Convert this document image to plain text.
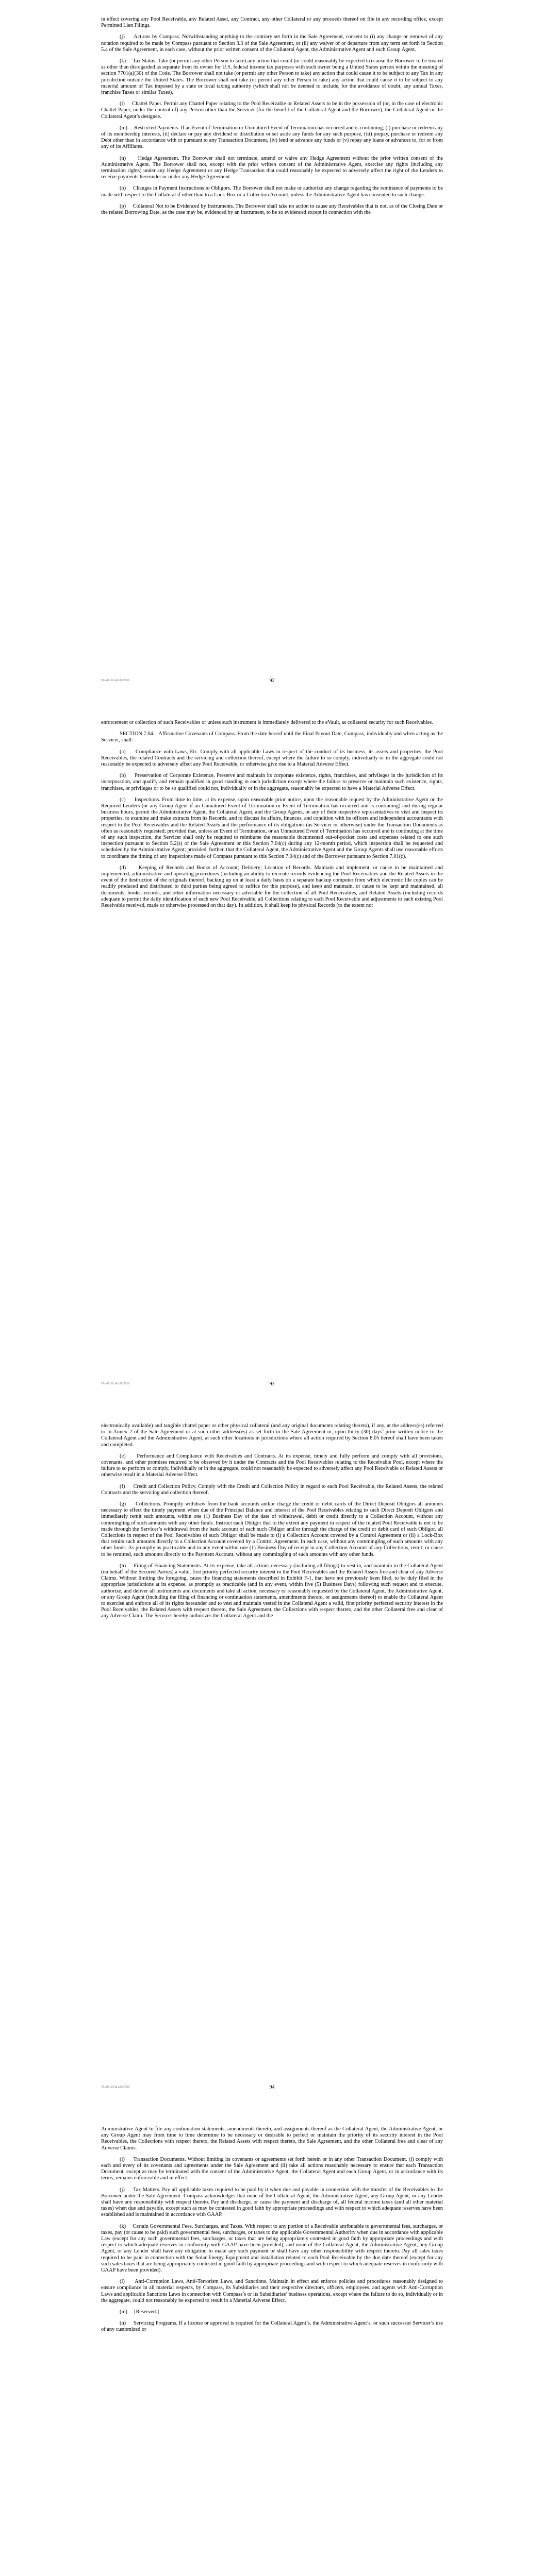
in effect covering any Pool Receivable, any Related Asset, any Contract, any other Collateral or any proceeds thereof on file in any recording office, except Permitted Lien Filings.

(j)     Actions by Compass. Notwithstanding anything to the contrary set forth in the Sale Agreement, consent to (i) any change or removal of any notation required to be made by Compass pursuant to Section 3.3 of the Sale Agreement, or (ii) any waiver of or departure from any term set forth in Section 5.4 of the Sale Agreement, in each case, without the prior written consent of the Collateral Agent, the Administrative Agent and each Group Agent.

(k)     Tax Status. Take (or permit any other Person to take) any action that could (or could reasonably be expected to) cause the Borrower to be treated as other than disregarded as separate from its owner for U.S. federal income tax purposes with such owner being a United States person within the meaning of section 7701(a)(30) of the Code. The Borrower shall not take (or permit any other Person to take) any action that could cause it to be subject to any Tax in any jurisdiction outside the United States. The Borrower shall not take (or permit any other Person to take) any action that could cause it to be subject to any material amount of Tax imposed by a state or local taxing authority (which shall not be deemed to include, for the avoidance of doubt, any annual Taxes, franchise Taxes or similar Taxes).

(l)     Chattel Paper. Permit any Chattel Paper relating to the Pool Receivable or Related Assets to be in the possession of (or, in the case of electronic Chattel Paper, under the control of) any Person other than the Servicer (for the benefit of the Collateral Agent and the Borrower), the Collateral Agent or the Collateral Agent’s designee.

(m)     Restricted Payments. If an Event of Termination or Unmatured Event of Termination has occurred and is continuing, (i) purchase or redeem any of its membership interests, (ii) declare or pay any dividend or distribution or set aside any funds for any such purpose, (iii) prepay, purchase or redeem any Debt other than in accordance with or pursuant to any Transaction Document, (iv) lend or advance any funds or (v) repay any loans or advances to, for or from any of its Affiliates.

(n)     Hedge Agreement. The Borrower shall not terminate, amend or waive any Hedge Agreement without the prior written consent of the Administrative Agent. The Borrower shall not, except with the prior written consent of the Administrative Agent, exercise any rights (including any termination rights) under any Hedge Agreement or any Hedge Transaction that could reasonably be expected to adversely affect the right of the Lenders to receive payments hereunder or under any Hedge Agreement.

(o)     Changes in Payment Instructions to Obligors. The Borrower shall not make or authorize any change regarding the remittance of payments to be made with respect to the Collateral if other than to a Lock-Box or a Collection Account, unless the Administrative Agent has consented to such change.

(p)     Collateral Not to be Evidenced by Instruments. The Borrower shall take no action to cause any Receivables that is not, as of the Closing Date or the related Borrowing Date, as the case may be, evidenced by an instrument, to be so evidenced except in connection with the

TS/499193.16 22727329	92

enforcement or collection of such Receivables or unless such instrument is immediately delivered to the eVault, as collateral security for such Receivables.

SECTION 7.04.   Affirmative Covenants of Compass. From the date hereof until the Final Payout Date, Compass, individually and when acting as the Servicer, shall:

(a)     Compliance with Laws, Etc. Comply with all applicable Laws in respect of the conduct of its business, its assets and properties, the Pool Receivables, the related Contracts and the servicing and collection thereof, except where the failure to so comply, individually or in the aggregate could not reasonably be expected to adversely affect any Pool Receivable, or otherwise give rise to a Material Adverse Effect.

(b)     Preservation of Corporate Existence. Preserve and maintain its corporate existence, rights, franchises, and privileges in the jurisdiction of its incorporation, and qualify and remain qualified in good standing in each jurisdiction except where the failure to preserve or maintain such existence, rights, franchises, or privileges or to be so qualified could not, individually or in the aggregate, reasonably be expected to have a Material Adverse Effect.

(c)     Inspections. From time to time, at its expense, upon reasonable prior notice, upon the reasonable request by the Administrative Agent or the Required Lenders (or any Group Agent if an Unmatured Event of Termination or Event of Termination has occurred and is continuing) and during regular business hours, permit the Administrative Agent, the Collateral Agent, and the Group Agents, or any of their respective representatives to visit and inspect its properties, to examine and make extracts from its Records, and to discuss its affairs, finances, and condition with its officers and independent accountants with respect to the Pool Receivables and the Related Assets and the performance of its obligations (as Servicer or otherwise) under the Transaction Documents as often as reasonably requested; provided that, unless an Event of Termination, or an Unmatured Event of Termination has occurred and is continuing at the time of any such inspection, the Servicer shall only be required to reimburse the reasonable documented out-of-pocket costs and expenses related to one such inspection pursuant to Section 5.2(s) of the Sale Agreement or this Section 7.04(c) during any 12-month period, which inspection shall be requested and scheduled by the Administrative Agent; provided, further, that the Collateral Agent, the Administrative Agent and the Group Agents shall use reasonable efforts to coordinate the timing of any inspections made of Compass pursuant to this Section 7.04(c) and of the Borrower pursuant to Section 7.01(c).

(d)     Keeping of Records and Books of Account; Delivery; Location of Records. Maintain and implement, or cause to be maintained and implemented, administrative and operating procedures (including an ability to recreate records evidencing the Pool Receivables and the Related Assets in the event of the destruction of the originals thereof, backing up on at least a daily basis on a separate backup computer from which electronic file copies can be readily produced and distributed to third parties being agreed to suffice for this purpose), and keep and maintain, or cause to be kept and maintained, all documents, books, records, and other information necessary or advisable for the collection of all Pool Receivables, and Related Assets (including records adequate to permit the daily identification of each new Pool Receivable, all Collections relating to each Pool Receivable and adjustments to each existing Pool Receivable received, made or otherwise processed on that day). In addition, it shall keep its physical Records (to the extent not

TS/499193.16 22727329	93

electronically available) and tangible chattel paper or other physical collateral (and any original documents relating thereto), if any, at the address(es) referred to in Annex 2 of the Sale Agreement or at such other address(es) as set forth in the Sale Agreement or, upon thirty (30) days’ prior written notice to the Collateral Agent and the Administrative Agent, at such other locations in jurisdictions where all action required by Section 8.05 hereof shall have been taken and completed.

(e)     Performance and Compliance with Receivables and Contracts. At its expense, timely and fully perform and comply with all provisions, covenants, and other promises required to be observed by it under the Contracts and the Pool Receivables relating to the Receivable Pool, except where the failure to so perform or comply, individually or in the aggregate, could not reasonably be expected to adversely affect any Pool Receivable or Related Assets or otherwise result in a Material Adverse Effect.

(f)     Credit and Collection Policy. Comply with the Credit and Collection Policy in regard to each Pool Receivable, the Related Assets, the related Contracts and the servicing and collection thereof.

(g)     Collections. Promptly withdraw from the bank accounts and/or charge the credit or debit cards of the Direct Deposit Obligors all amounts necessary to effect the timely payment when due of the Principal Balance and interest of the Pool Receivables relating to such Direct Deposit Obligors and immediately remit such amounts, within one (1) Business Day of the date of withdrawal, debit or credit directly to a Collection Account, without any commingling of such amounts with any other funds. Instruct each Obligor that to the extent any payment in respect of the related Pool Receivable is not to be made through the Servicer’s withdrawal from the bank account of each such Obligor and/or through the charge of the credit or debit card of such Obligor, all Collections in respect of the Pool Receivables of such Obligor shall be made to (i) a Collection Account covered by a Control Agreement or (ii) a Lock-Box that remits such amounts directly to a Collection Account covered by a Control Agreement. In each case, without any commingling of such amounts with any other funds. As promptly as practicable and in any event within one (1) Business Day of receipt in any Collection Account of any Collections, remit, or cause to be remitted, such amounts directly to the Payment Account, without any commingling of such amounts with any other funds.

(h)     Filing of Financing Statements. At its expense, take all actions necessary (including all filings) to vest in, and maintain in the Collateral Agent (on behalf of the Secured Parties) a valid, first priority perfected security interest in the Pool Receivables and the Related Assets free and clear of any Adverse Claims. Without limiting the foregoing, cause the financing statements described in Exhibit F-1, that have not previously been filed, to be duly filed in the appropriate jurisdictions at its expense, as promptly as practicable (and in any event, within five (5) Business Days) following such request and to execute, authorize, and deliver all instruments and documents and take all action, necessary or reasonably requested by the Collateral Agent, the Administrative Agent, or any Group Agent (including the filing of financing or continuation statements, amendments thereto, or assignments thereof) to enable the Collateral Agent to exercise and enforce all of its rights hereunder and to vest and maintain vested in the Collateral Agent a valid, first priority perfected security interest in the Pool Receivables, the Related Assets with respect thereto, the Sale Agreement, the Collections with respect thereto, and the other Collateral free and clear of any Adverse Claim. The Servicer hereby authorizes the Collateral Agent and the

TS/499193.16 22727329	94

Administrative Agent to file any continuation statements, amendments thereto, and assignments thereof as the Collateral Agent, the Administrative Agent, or any Group Agent may from time to time determine to be necessary or desirable to perfect or maintain the priority of its security interest in the Pool Receivables, the Collections with respect thereto, the Related Assets with respect thereto, the Sale Agreement, and the other Collateral free and clear of any Adverse Claims.

(i)     Transaction Documents. Without limiting its covenants or agreements set forth herein or in any other Transaction Document, (i) comply with each and every of its covenants and agreements under the Sale Agreement and (ii) take all actions reasonably necessary to ensure that each Transaction Document, except as may be terminated with the consent of the Administrative Agent, the Collateral Agent and each Group Agent, or in accordance with its terms, remains enforceable and in effect.

(j)     Tax Matters. Pay all applicable taxes required to be paid by it when due and payable in connection with the transfer of the Receivables to the Borrower under the Sale Agreement. Compass acknowledges that none of the Collateral Agent, the Administrative Agent, any Group Agent, or any Lender shall have any responsibility with respect thereto. Pay and discharge, or cause the payment and discharge of, all federal income taxes (and all other material taxes) when due and payable, except such as may be contested in good faith by appropriate proceedings and with respect to which adequate reserves have been established and is maintained in accordance with GAAP.

(k)     Certain Governmental Fees, Surcharges, and Taxes. With respect to any portion of a Receivable attributable to governmental fees, surcharges, or taxes, pay (or cause to be paid) such governmental fees, surcharges, or taxes to the applicable Governmental Authority when due in accordance with applicable Law (except for any such governmental fees, surcharges, or taxes that are being appropriately contested in good faith by appropriate proceedings and with respect to which adequate reserves in conformity with GAAP have been provided), and none of the Collateral Agent, the Administrative Agent, any Group Agent, or any Lender shall have any obligation to make any such payment or shall have any other responsibility with respect thereto. Pay all sales taxes required to be paid in connection with the Solar Energy Equipment and installation related to each Pool Receivable by the due date thereof (except for any such sales taxes that are being appropriately contested in good faith by appropriate proceedings and with respect to which adequate reserves in conformity with GAAP have been provided).

(l)     Anti-Corruption Laws, Anti-Terrorism Laws, and Sanctions. Maintain in effect and enforce policies and procedures reasonably designed to ensure compliance in all material respects, by Compass, its Subsidiaries and their respective directors, officers, employees, and agents with Anti-Corruption Laws and applicable Sanctions Laws in connection with Compass’s or its Subsidiaries’ business operations, except where the failure to do so, individually or in the aggregate, could not reasonably be expected to result in a Material Adverse Effect.

(m)     [Reserved.]

(n)     Servicing Programs. If a license or approval is required for the Collateral Agent’s, the Administrative Agent’s, or such successor Servicer’s use of any customized or
